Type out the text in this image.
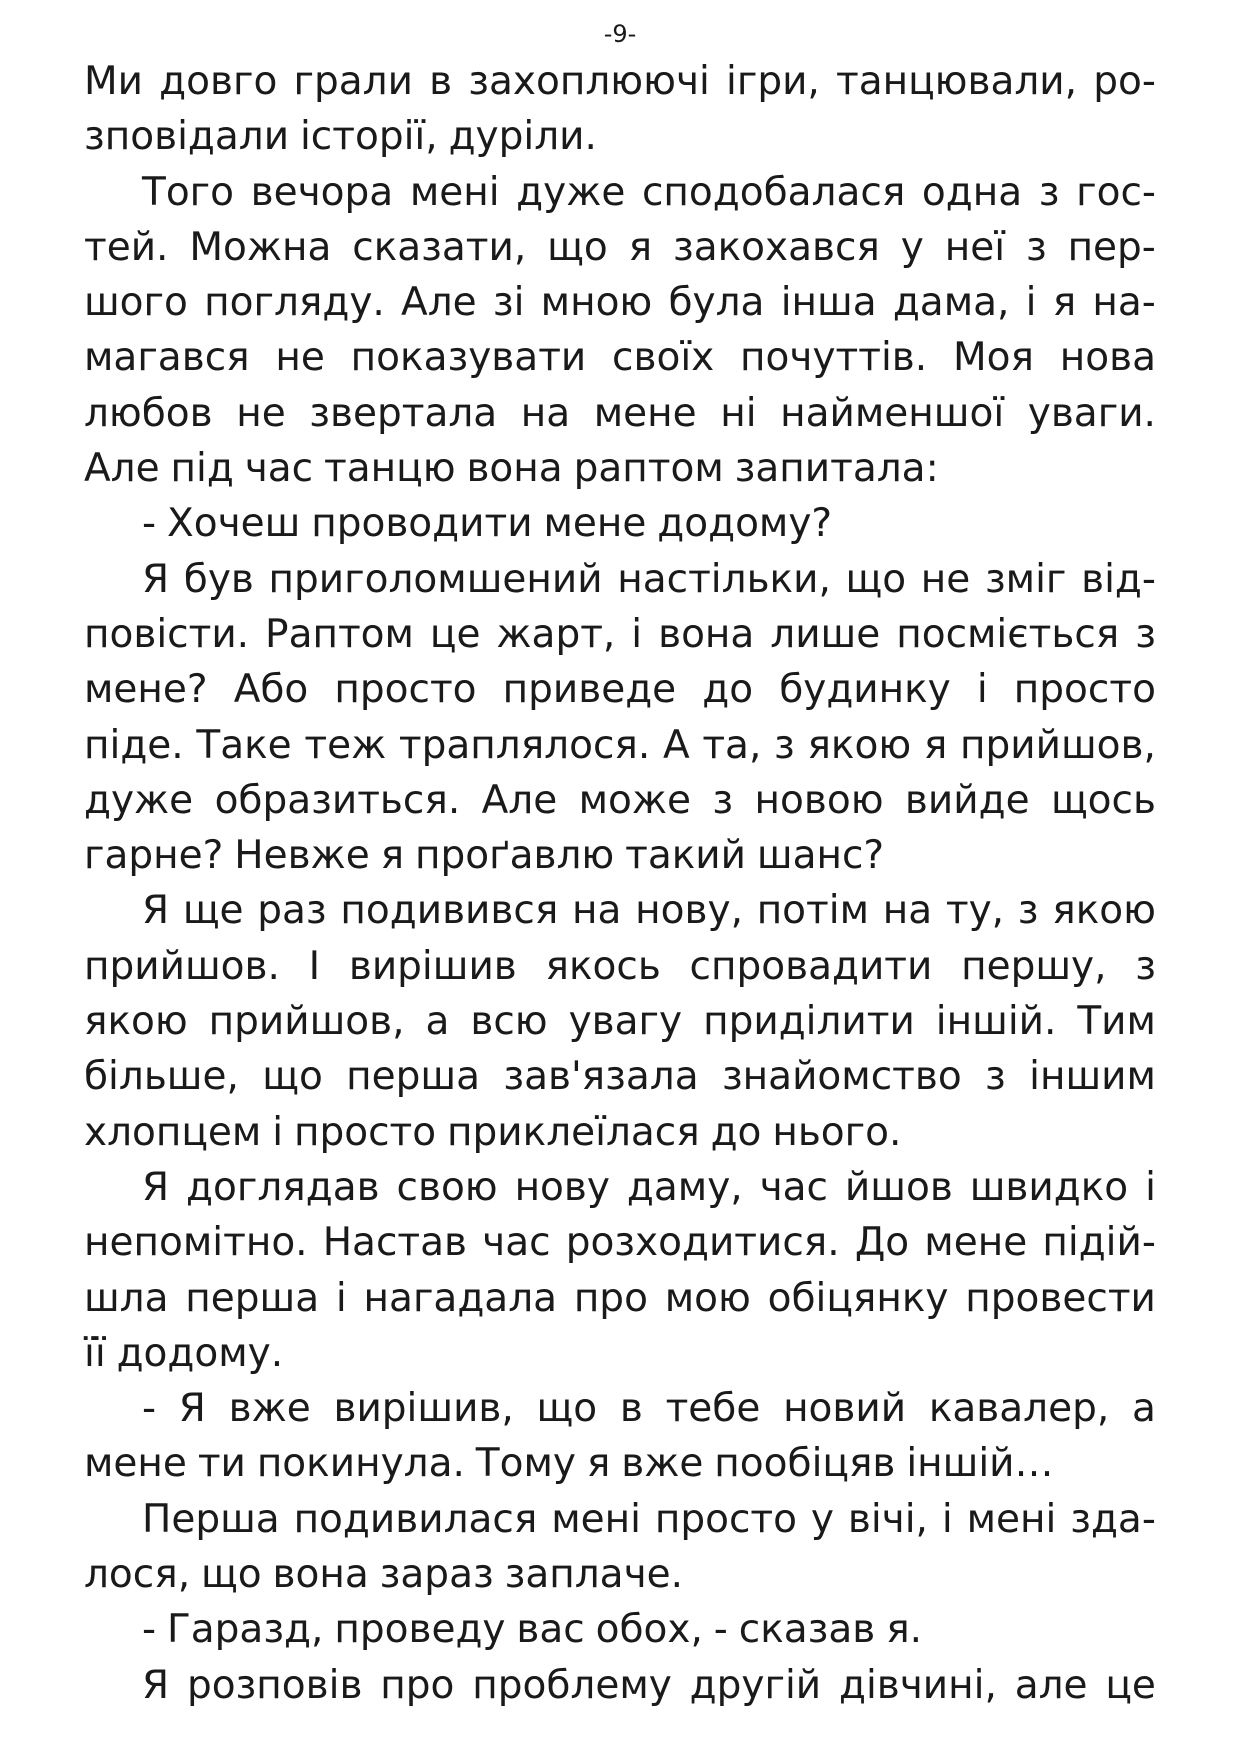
-9-
Ми довго грали в захоплюючі ігри, танцювали, ро-
зповідали історії, дуріли.
Того вечора мені дуже сподобалася одна з гос-
тей. Можна сказати, що я закохався у неї з пер-
шого погляду. Але зі мною була інша дама, і я на-
магався не показувати своїх почуттів. Моя нова
любов не звертала на мене ні найменшої уваги.
Але під час танцю вона раптом запитала:
- Хочеш проводити мене додому?
Я був приголомшений настільки, що не зміг від-
повісти. Раптом це жарт, і вона лише посміється з
мене? Або просто приведе до будинку і просто
піде. Таке теж траплялося. А та, з якою я прийшов,
дуже образиться. Але може з новою вийде щось
гарне? Невже я проґавлю такий шанс?
Я ще раз подивився на нову, потім на ту, з якою
прийшов. І вирішив якось спровадити першу, з
якою прийшов, а всю увагу приділити іншій. Тим
більше, що перша зав'язала знайомство з іншим
хлопцем і просто приклеїлася до нього.
Я доглядав свою нову даму, час йшов швидко і
непомітно. Настав час розходитися. До мене підій-
шла перша і нагадала про мою обіцянку провести
її додому.
- Я вже вирішив, що в тебе новий кавалер, а
мене ти покинула. Тому я вже пообіцяв іншій…
Перша подивилася мені просто у вічі, і мені зда-
лося, що вона зараз заплаче.
- Гаразд, проведу вас обох, - сказав я.
Я розповів про проблему другій дівчині, але це
